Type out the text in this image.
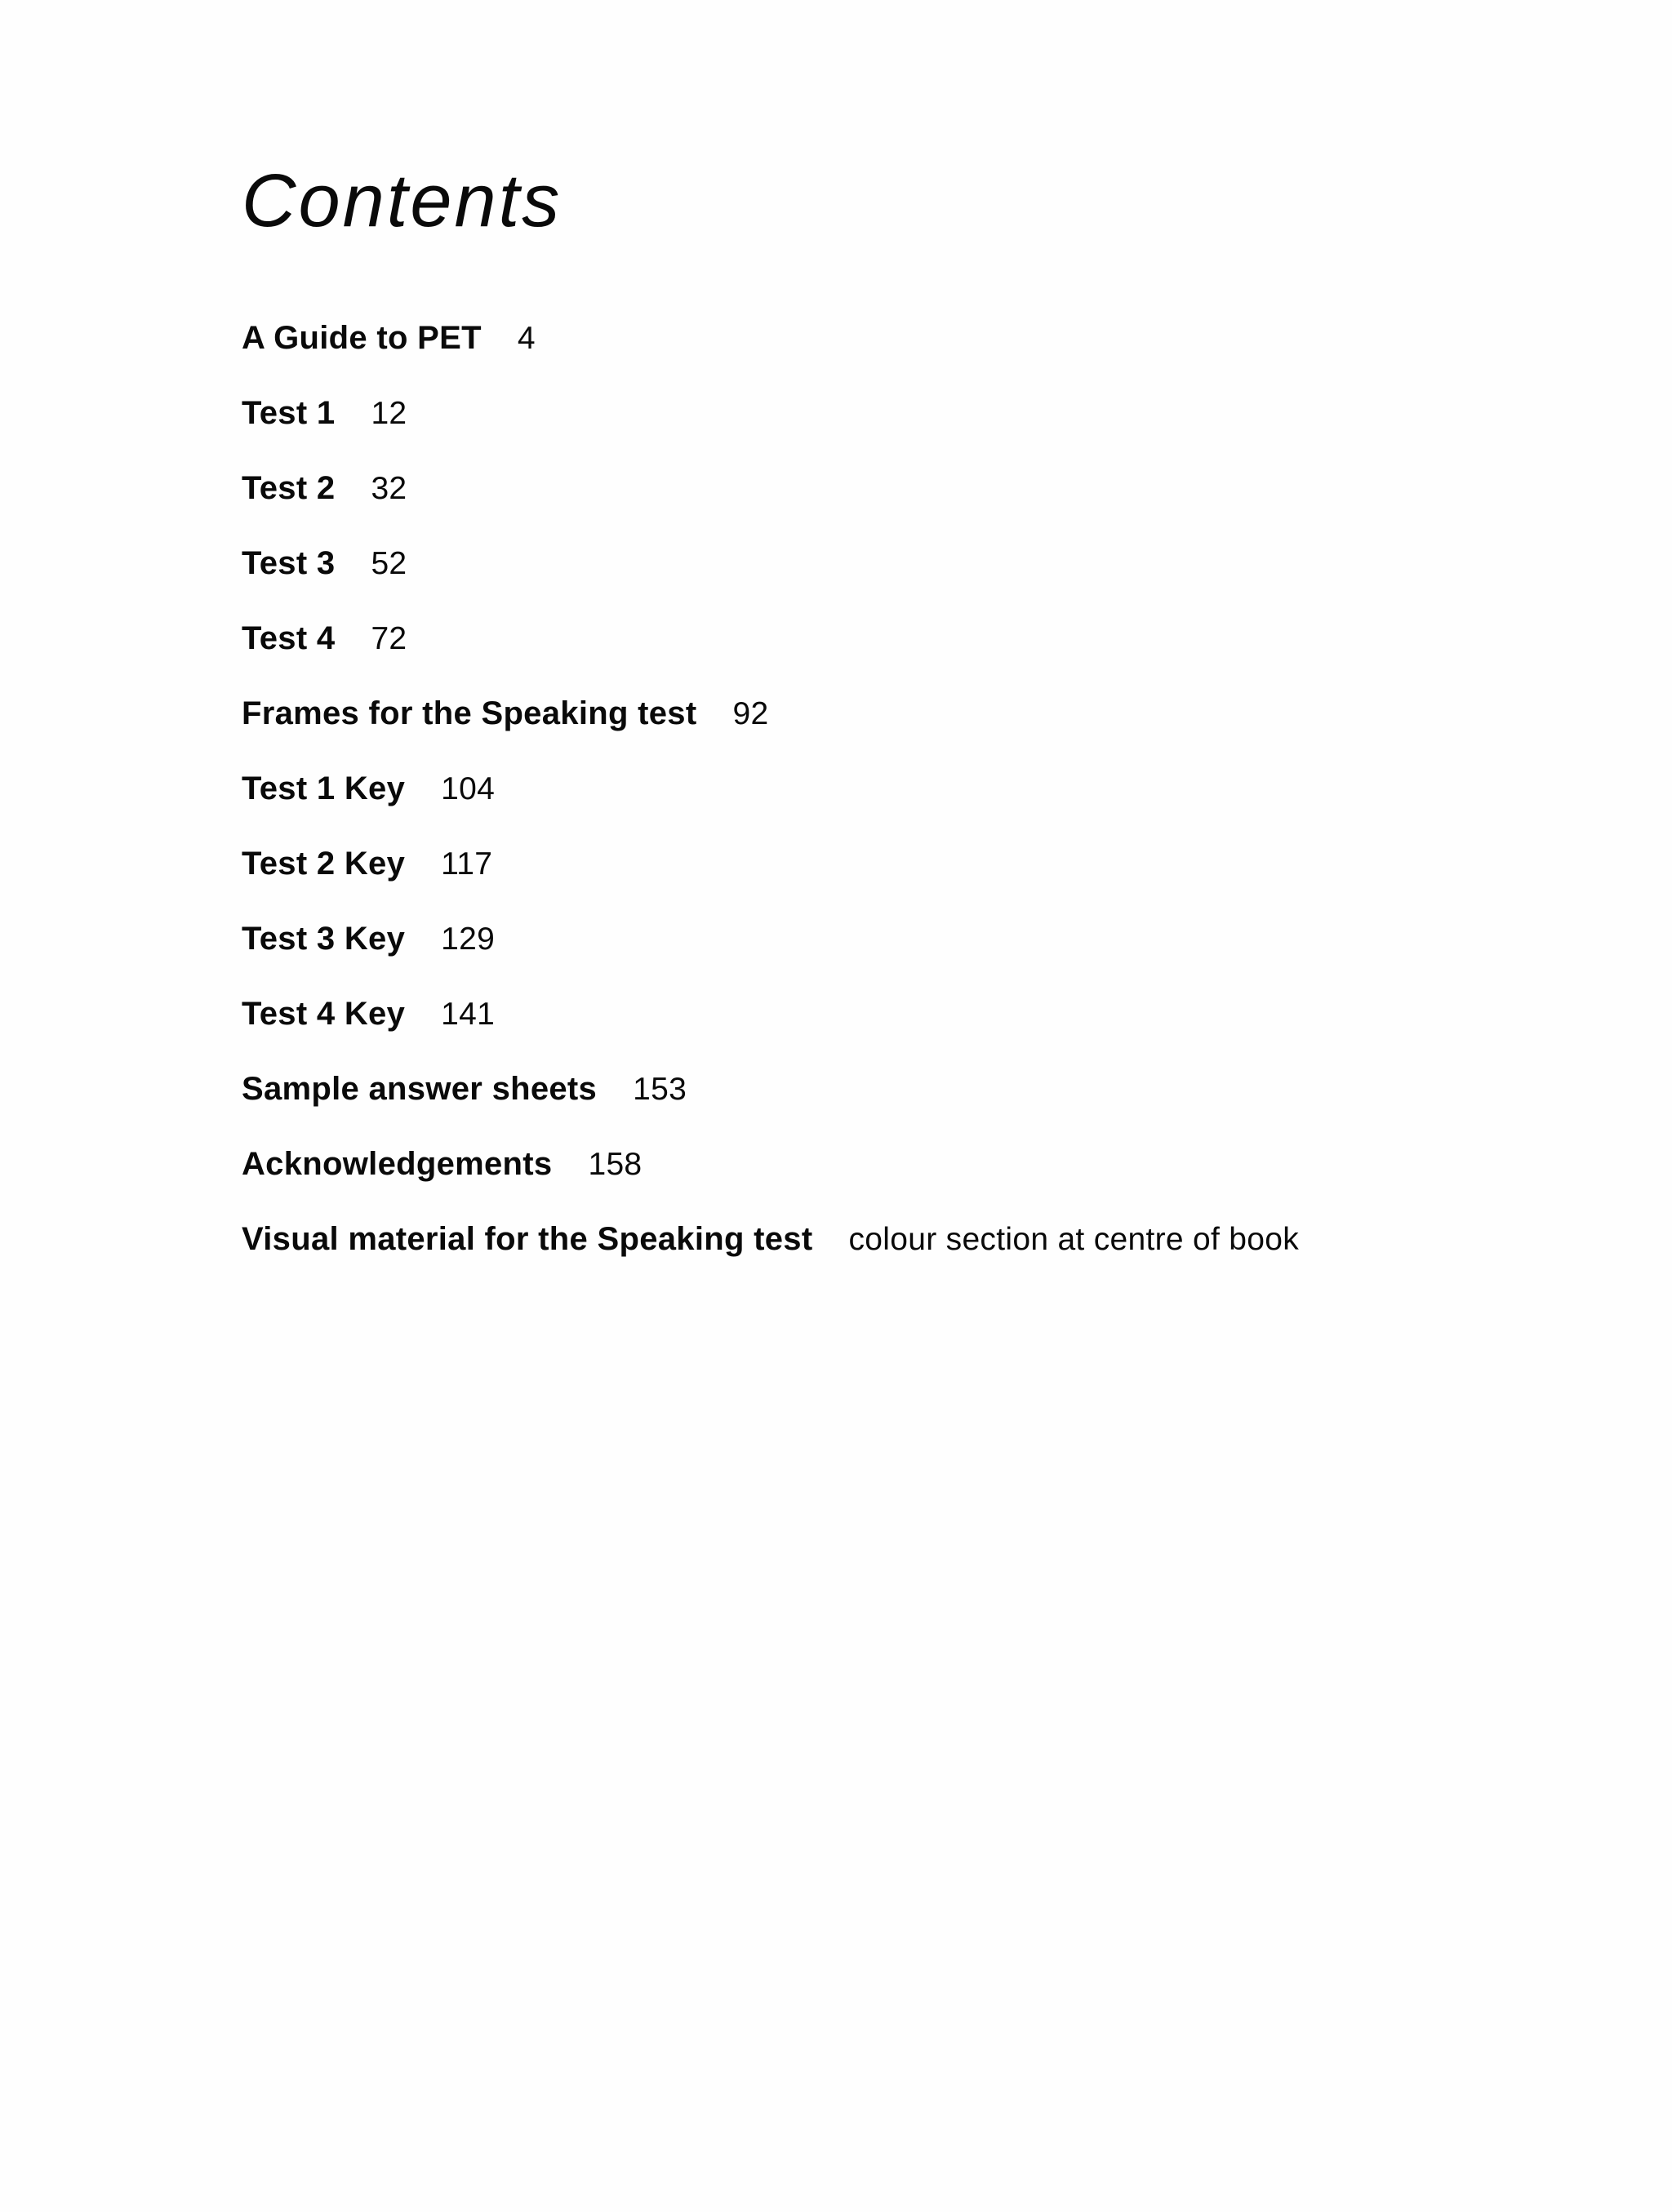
Contents
A Guide to PET 4
Test 1 12
Test 2 32
Test 3 52
Test 4 72
Frames for the Speaking test 92
Test 1 Key 104
Test 2 Key 117
Test 3 Key 129
Test 4 Key 141
Sample answer sheets 153
Acknowledgements 158
Visual material for the Speaking test colour section at centre of book
